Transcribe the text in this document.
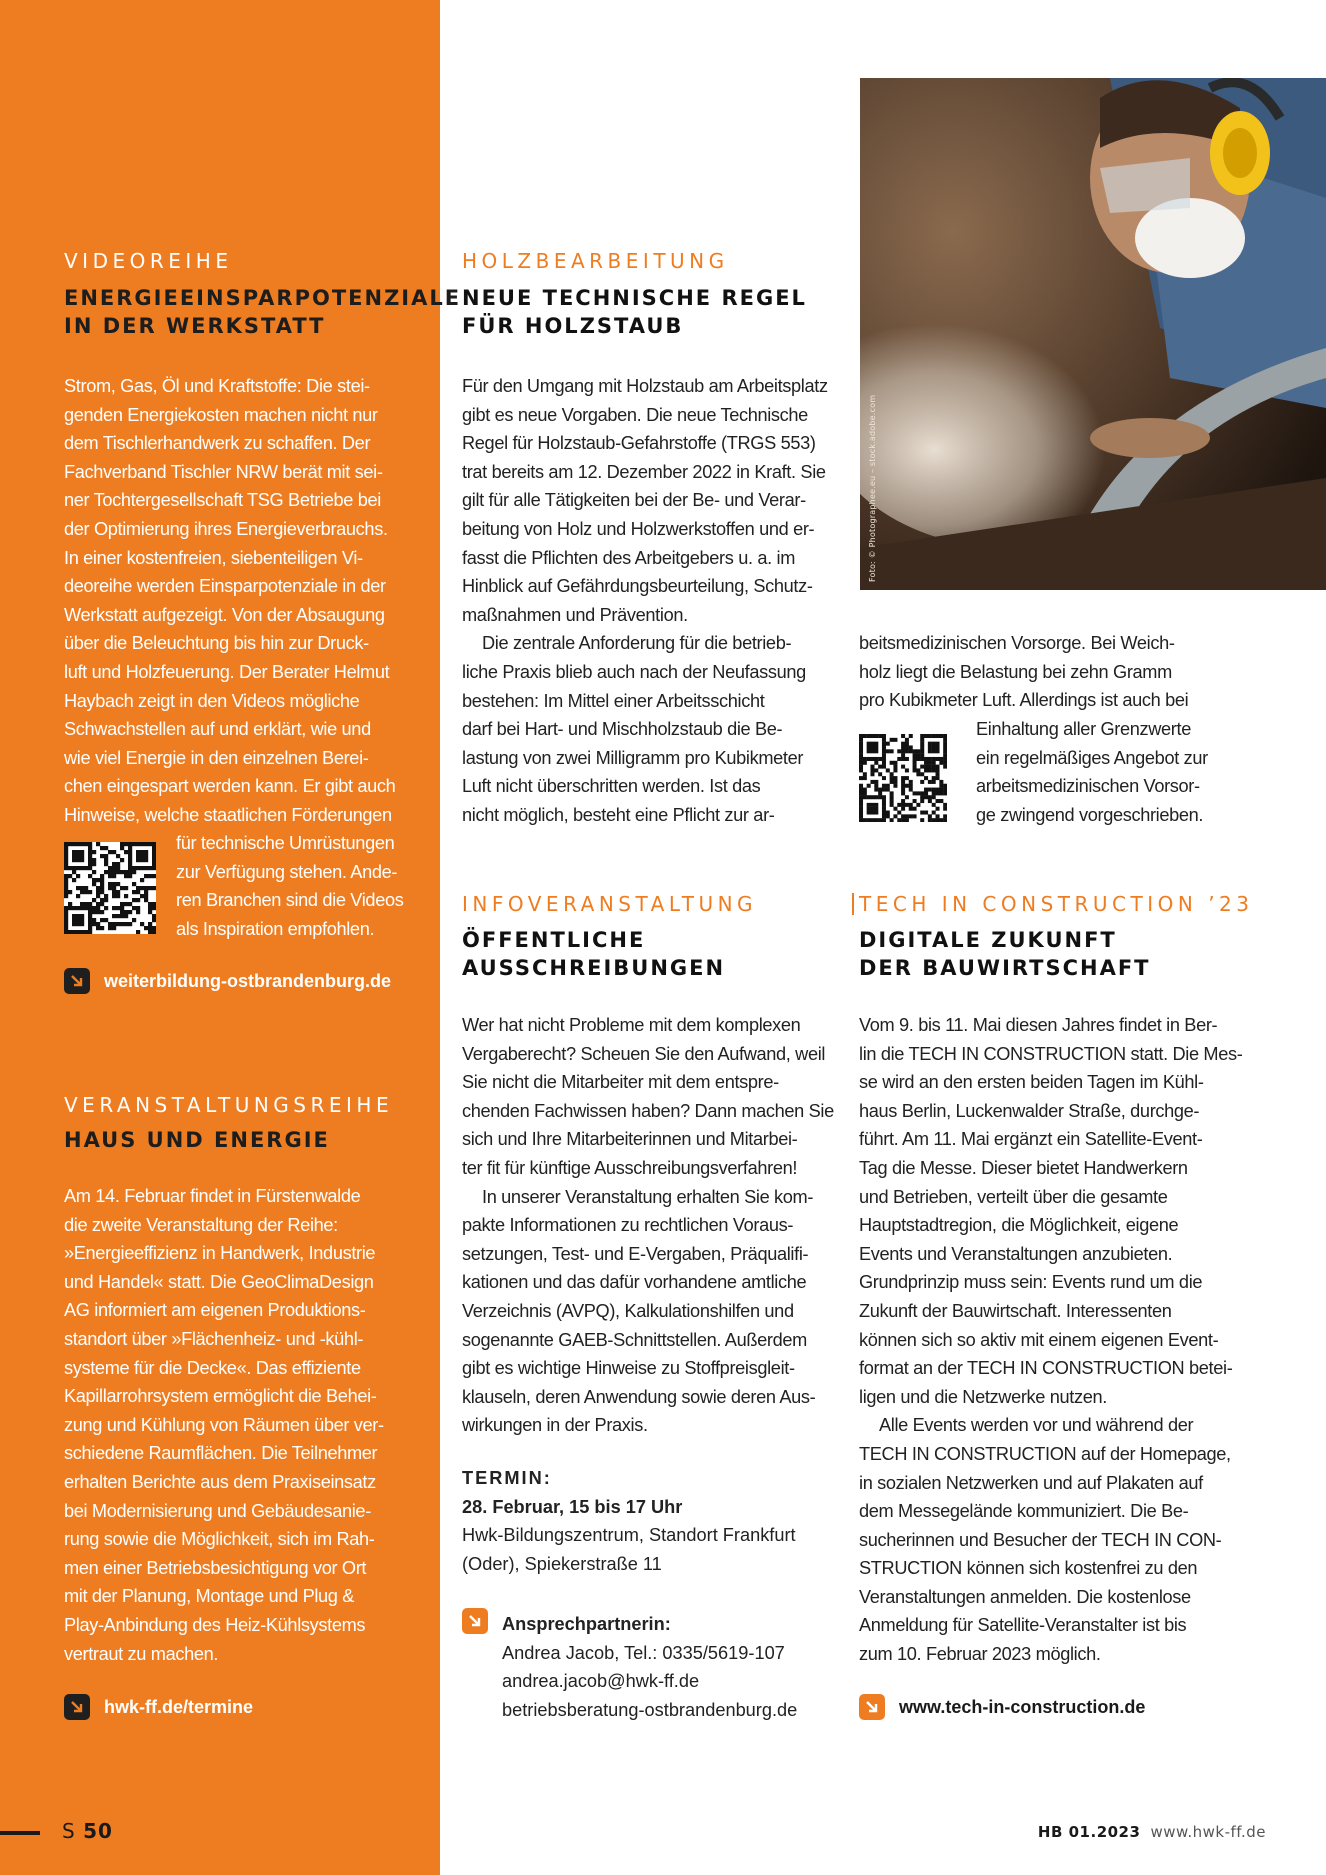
Foto: © Photographee.eu – stock.adobe.com
VIDEOREIHE
ENERGIEEINSPARPOTENZIALE
IN DER WERKSTATT
Strom, Gas, Öl und Kraftstoffe: Die stei-
genden Energiekosten machen nicht nur
dem Tischlerhandwerk zu schaffen. Der
Fachverband Tischler NRW berät mit sei-
ner Tochtergesellschaft TSG Betriebe bei
der Optimierung ihres Energieverbrauchs.
In einer kostenfreien, siebenteiligen Vi-
deoreihe werden Einsparpotenziale in der
Werkstatt aufgezeigt. Von der Absaugung
über die Beleuchtung bis hin zur Druck-
luft und Holzfeuerung. Der Berater Helmut
Haybach zeigt in den Videos mögliche
Schwachstellen auf und erklärt, wie und
wie viel Energie in den einzelnen Berei-
chen eingespart werden kann. Er gibt auch
Hinweise, welche staatlichen Förderungen
für technische Umrüstungen
zur Verfügung stehen. Ande-
ren Branchen sind die Videos
als Inspiration empfohlen.
weiterbildung-ostbrandenburg.de
VERANSTALTUNGSREIHE
HAUS UND ENERGIE
Am 14. Februar findet in Fürstenwalde
die zweite Veranstaltung der Reihe:
»Energieeffizienz in Handwerk, Industrie
und Handel« statt. Die GeoClimaDesign
AG informiert am eigenen Produktions-
standort über »Flächenheiz- und -kühl-
systeme für die Decke«. Das effiziente
Kapillarrohrsystem ermöglicht die Behei-
zung und Kühlung von Räumen über ver-
schiedene Raumflächen. Die Teilnehmer
erhalten Berichte aus dem Praxiseinsatz
bei Modernisierung und Gebäudesanie-
rung sowie die Möglichkeit, sich im Rah-
men einer Betriebsbesichtigung vor Ort
mit der Planung, Montage und Plug &
Play-Anbindung des Heiz-Kühlsystems
vertraut zu machen.
hwk-ff.de/termine
HOLZBEARBEITUNG
NEUE TECHNISCHE REGEL
FÜR HOLZSTAUB
Für den Umgang mit Holzstaub am Arbeitsplatz
gibt es neue Vorgaben. Die neue Technische
Regel für Holzstaub-Gefahrstoffe (TRGS 553)
trat bereits am 12. Dezember 2022 in Kraft. Sie
gilt für alle Tätigkeiten bei der Be- und Verar-
beitung von Holz und Holzwerkstoffen und er-
fasst die Pflichten des Arbeitgebers u. a. im
Hinblick auf Gefährdungsbeurteilung, Schutz-
maßnahmen und Prävention.
Die zentrale Anforderung für die betrieb-
liche Praxis blieb auch nach der Neufassung
bestehen: Im Mittel einer Arbeitsschicht
darf bei Hart- und Mischholzstaub die Be-
lastung von zwei Milligramm pro Kubikmeter
Luft nicht überschritten werden. Ist das
nicht möglich, besteht eine Pflicht zur ar-
beitsmedizinischen Vorsorge. Bei Weich-
holz liegt die Belastung bei zehn Gramm
pro Kubikmeter Luft. Allerdings ist auch bei
Einhaltung aller Grenzwerte
ein regelmäßiges Angebot zur
arbeitsmedizinischen Vorsor-
ge zwingend vorgeschrieben.
INFOVERANSTALTUNG
ÖFFENTLICHE
AUSSCHREIBUNGEN
Wer hat nicht Probleme mit dem komplexen
Vergaberecht? Scheuen Sie den Aufwand, weil
Sie nicht die Mitarbeiter mit dem entspre-
chenden Fachwissen haben? Dann machen Sie
sich und Ihre Mitarbeiterinnen und Mitarbei-
ter fit für künftige Ausschreibungsverfahren!
In unserer Veranstaltung erhalten Sie kom-
pakte Informationen zu rechtlichen Voraus-
setzungen, Test- und E-Vergaben, Präqualifi-
kationen und das dafür vorhandene amtliche
Verzeichnis (AVPQ), Kalkulationshilfen und
sogenannte GAEB-Schnittstellen. Außerdem
gibt es wichtige Hinweise zu Stoffpreisgleit-
klauseln, deren Anwendung sowie deren Aus-
wirkungen in der Praxis.
TERMIN:
28. Februar, 15 bis 17 Uhr
Hwk-Bildungszentrum, Standort Frankfurt
(Oder), Spiekerstraße 11
Ansprechpartnerin:
Andrea Jacob, Tel.: 0335/5619-107
andrea.jacob@hwk-ff.de
betriebsberatung-ostbrandenburg.de
TECH IN CONSTRUCTION ’23
DIGITALE ZUKUNFT
DER BAUWIRTSCHAFT
Vom 9. bis 11. Mai diesen Jahres findet in Ber-
lin die TECH IN CONSTRUCTION statt. Die Mes-
se wird an den ersten beiden Tagen im Kühl-
haus Berlin, Luckenwalder Straße, durchge-
führt. Am 11. Mai ergänzt ein Satellite-Event-
Tag die Messe. Dieser bietet Handwerkern
und Betrieben, verteilt über die gesamte
Hauptstadtregion, die Möglichkeit, eigene
Events und Veranstaltungen anzubieten.
Grundprinzip muss sein: Events rund um die
Zukunft der Bauwirtschaft. Interessenten
können sich so aktiv mit einem eigenen Event-
format an der TECH IN CONSTRUCTION betei-
ligen und die Netzwerke nutzen.
Alle Events werden vor und während der
TECH IN CONSTRUCTION auf der Homepage,
in sozialen Netzwerken und auf Plakaten auf
dem Messegelände kommuniziert. Die Be-
sucherinnen und Besucher der TECH IN CON-
STRUCTION können sich kostenfrei zu den
Veranstaltungen anmelden. Die kostenlose
Anmeldung für Satellite-Veranstalter ist bis
zum 10. Februar 2023 möglich.
www.tech-in-construction.de
S 50	HB 01.2023 www.hwk-ff.de
